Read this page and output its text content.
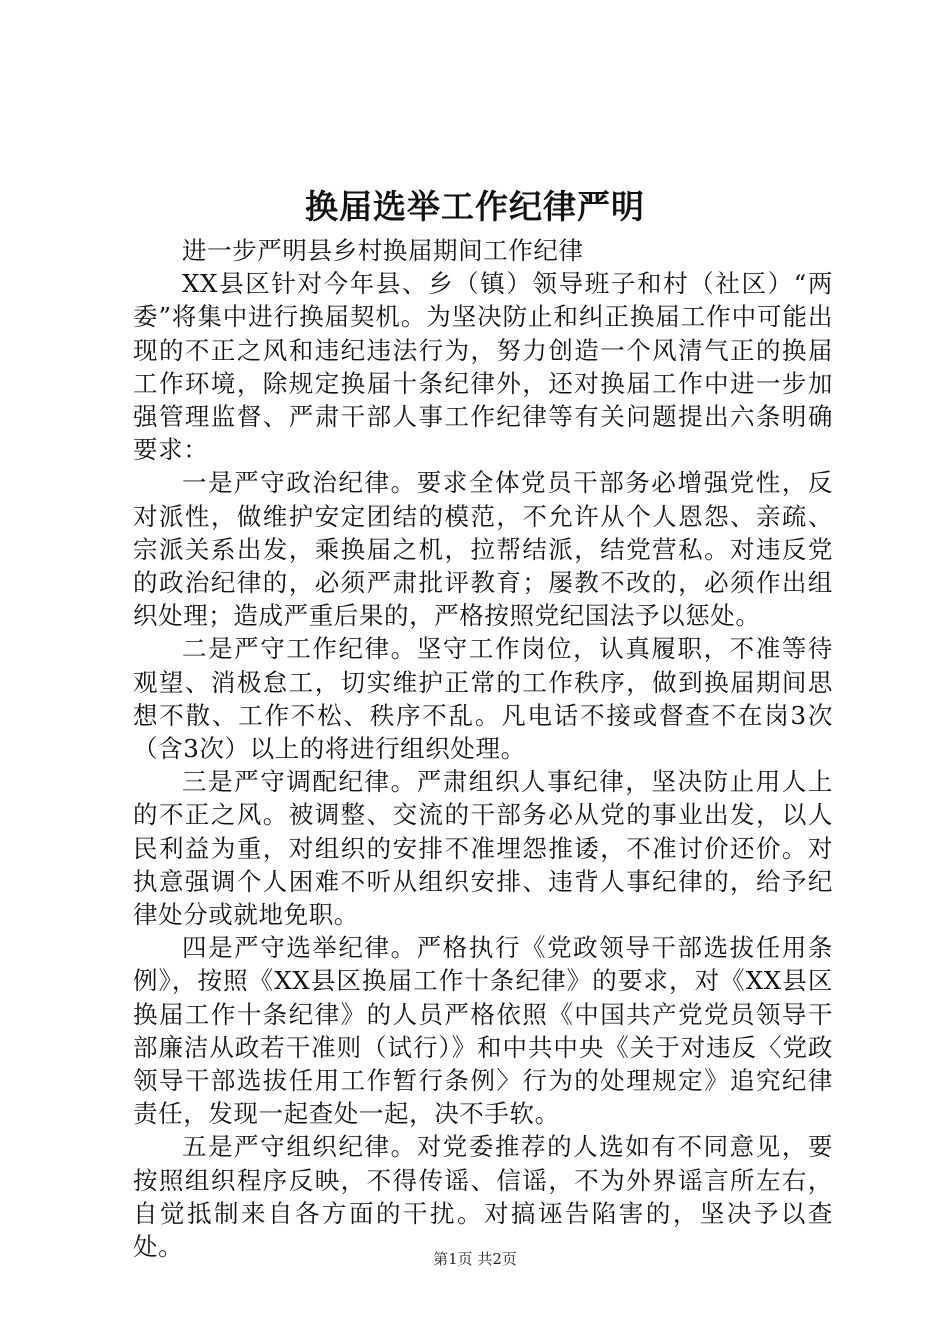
换届选举工作纪律严明

进一步严明县乡村换届期间工作纪律

XX县区针对今年县、乡（镇）领导班子和村（社区）“两委”将集中进行换届契机。为坚决防止和纠正换届工作中可能出现的不正之风和违纪违法行为，努力创造一个风清气正的换届工作环境，除规定换届十条纪律外，还对换届工作中进一步加强管理监督、严肃干部人事工作纪律等有关问题提出六条明确要求：

一是严守政治纪律。要求全体党员干部务必增强党性，反对派性，做维护安定团结的模范，不允许从个人恩怨、亲疏、宗派关系出发，乘换届之机，拉帮结派，结党营私。对违反党的政治纪律的，必须严肃批评教育；屡教不改的，必须作出组织处理；造成严重后果的，严格按照党纪国法予以惩处。

二是严守工作纪律。坚守工作岗位，认真履职，不准等待观望、消极怠工，切实维护正常的工作秩序，做到换届期间思想不散、工作不松、秩序不乱。凡电话不接或督查不在岗3次（含3次）以上的将进行组织处理。

三是严守调配纪律。严肃组织人事纪律，坚决防止用人上的不正之风。被调整、交流的干部务必从党的事业出发，以人民利益为重，对组织的安排不准埋怨推诿，不准讨价还价。对执意强调个人困难不听从组织安排、违背人事纪律的，给予纪律处分或就地免职。

四是严守选举纪律。严格执行《党政领导干部选拔任用条例》，按照《XX县区换届工作十条纪律》的要求，对《XX县区换届工作十条纪律》的人员严格依照《中国共产党党员领导干部廉洁从政若干准则（试行）》和中共中央《关于对违反〈党政领导干部选拔任用工作暂行条例〉行为的处理规定》追究纪律责任，发现一起查处一起，决不手软。

五是严守组织纪律。对党委推荐的人选如有不同意见，要按照组织程序反映，不得传谣、信谣，不为外界谣言所左右，自觉抵制来自各方面的干扰。对搞诬告陷害的，坚决予以查处。	第1页 共2页
